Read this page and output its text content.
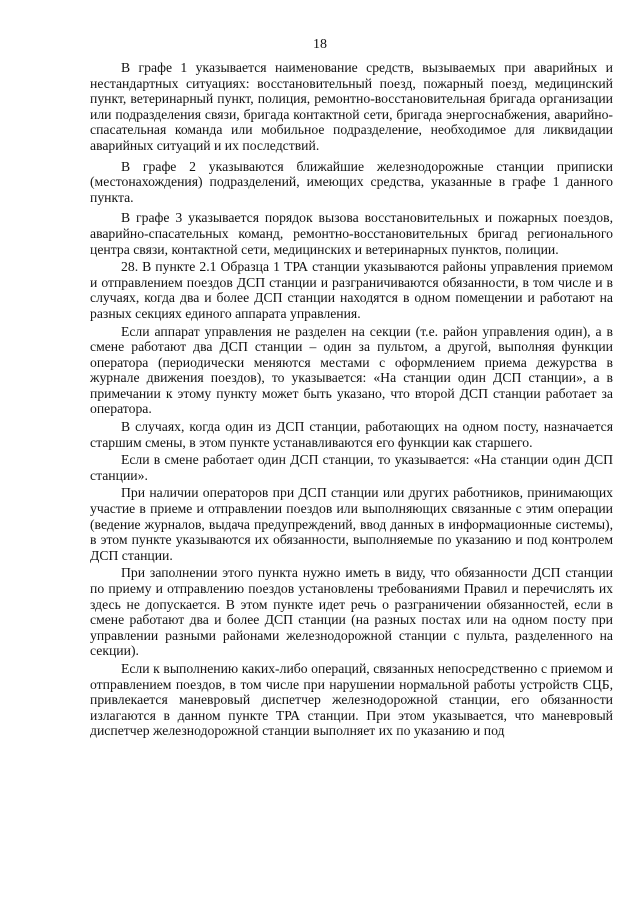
18

В графе 1 указывается наименование средств, вызываемых при аварийных и нестандартных ситуациях: восстановительный поезд, пожарный поезд, медицинский пункт, ветеринарный пункт, полиция, ремонтно-восстановительная бригада организации или подразделения связи, бригада контактной сети, бригада энергоснабжения, аварийно-спасательная команда или мобильное подразделение, необходимое для ликвидации аварийных ситуаций и их последствий.

В графе 2 указываются ближайшие железнодорожные станции приписки (местонахождения) подразделений, имеющих средства, указанные в графе 1 данного пункта.

В графе 3 указывается порядок вызова восстановительных и пожарных поездов, аварийно-спасательных команд, ремонтно-восстановительных бригад регионального центра связи, контактной сети, медицинских и ветеринарных пунктов, полиции.

28. В пункте 2.1 Образца 1 ТРА станции указываются районы управления приемом и отправлением поездов ДСП станции и разграничиваются обязанности, в том числе и в случаях, когда два и более ДСП станции находятся в одном помещении и работают на разных секциях единого аппарата управления.

Если аппарат управления не разделен на секции (т.е. район управления один), а в смене работают два ДСП станции – один за пультом, а другой, выполняя функции оператора (периодически меняются местами с оформлением приема дежурства в журнале движения поездов), то указывается: «На станции один ДСП станции», а в примечании к этому пункту может быть указано, что второй ДСП станции работает за оператора.

В случаях, когда один из ДСП станции, работающих на одном посту, назначается старшим смены, в этом пункте устанавливаются его функции как старшего.

Если в смене работает один ДСП станции, то указывается: «На станции один ДСП станции».

При наличии операторов при ДСП станции или других работников, принимающих участие в приеме и отправлении поездов или выполняющих связанные с этим операции (ведение журналов, выдача предупреждений, ввод данных в информационные системы), в этом пункте указываются их обязанности, выполняемые по указанию и под контролем ДСП станции.

При заполнении этого пункта нужно иметь в виду, что обязанности ДСП станции по приему и отправлению поездов установлены требованиями Правил и перечислять их здесь не допускается. В этом пункте идет речь о разграничении обязанностей, если в смене работают два и более ДСП станции (на разных постах или на одном посту при управлении разными районами железнодорожной станции с пульта, разделенного на секции).

Если к выполнению каких-либо операций, связанных непосредственно с приемом и отправлением поездов, в том числе при нарушении нормальной работы устройств СЦБ, привлекается маневровый диспетчер железнодорожной станции, его обязанности излагаются в данном пункте ТРА станции. При этом указывается, что маневровый диспетчер железнодорожной станции выполняет их по указанию и под
